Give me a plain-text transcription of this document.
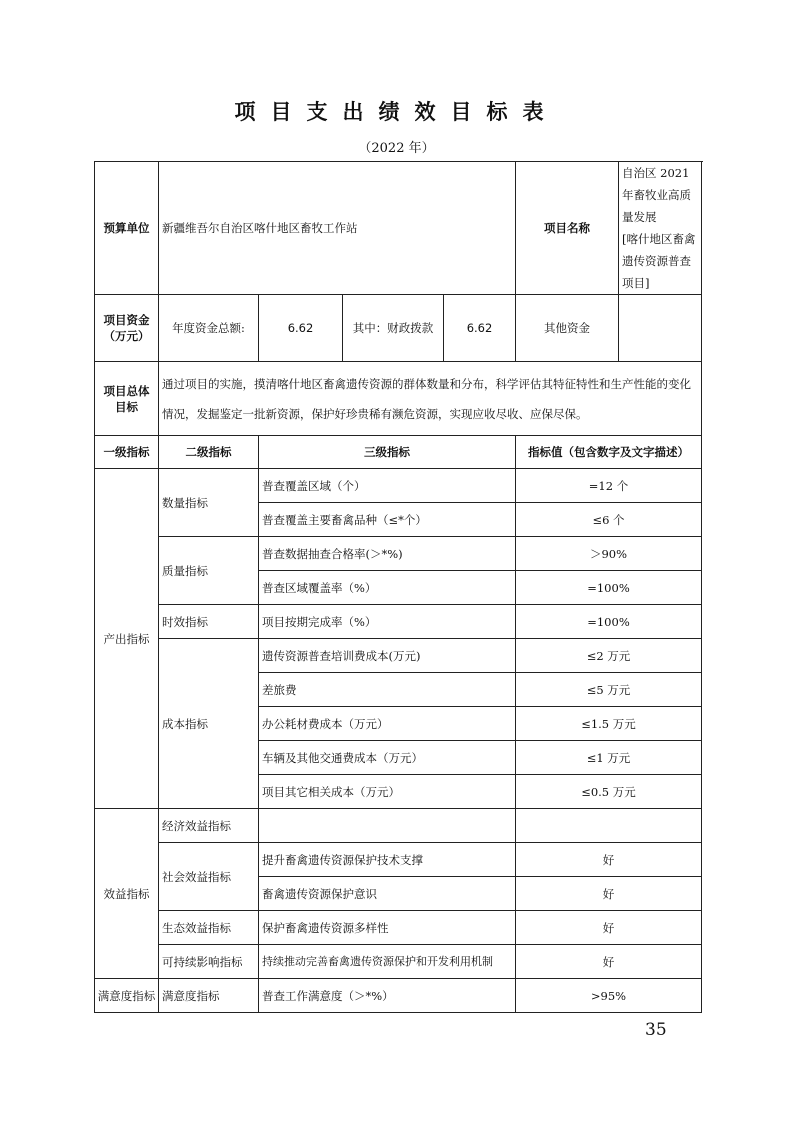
项目支出绩效目标表
（2022 年）
预算单位	新疆维吾尔自治区喀什地区畜牧工作站				项目名称	自治区 2021 年畜牧业高质量发展
[喀什地区畜禽遗传资源普查项目]

项目资金（万元）	年度资金总额:	6.62	其中：财政拨款	6.62	其他资金	
项目总体目标	通过项目的实施，摸清喀什地区畜禽遗传资源的群体数量和分布，科学评估其特征特性和生产性能的变化情况，发掘鉴定一批新资源，保护好珍贵稀有濒危资源，实现应收尽收、应保尽保。					
一级指标	二级指标	三级指标			指标值（包含数字及文字描述）	
产出指标	数量指标	普查覆盖区域（个）			=12 个	
		普查覆盖主要畜禽品种（≤*个）			≤6 个	
	质量指标	普查数据抽查合格率(＞*%)			＞90%	
		普查区域覆盖率（%）			=100%	
	时效指标	项目按期完成率（%）			=100%	
	成本指标	遗传资源普查培训费成本(万元)			≤2 万元	
		差旅费			≤5 万元	
		办公耗材费成本（万元）			≤1.5 万元	
		车辆及其他交通费成本（万元）			≤1 万元	
		项目其它相关成本（万元）			≤0.5 万元	
效益指标	经济效益指标					
	社会效益指标	提升畜禽遗传资源保护技术支撑			好	
		畜禽遗传资源保护意识			好	
	生态效益指标	保护畜禽遗传资源多样性			好	
	可持续影响指标	持续推动完善畜禽遗传资源保护和开发利用机制			好	
满意度指标	满意度指标	普查工作满意度（＞*%）			>95%	
35
